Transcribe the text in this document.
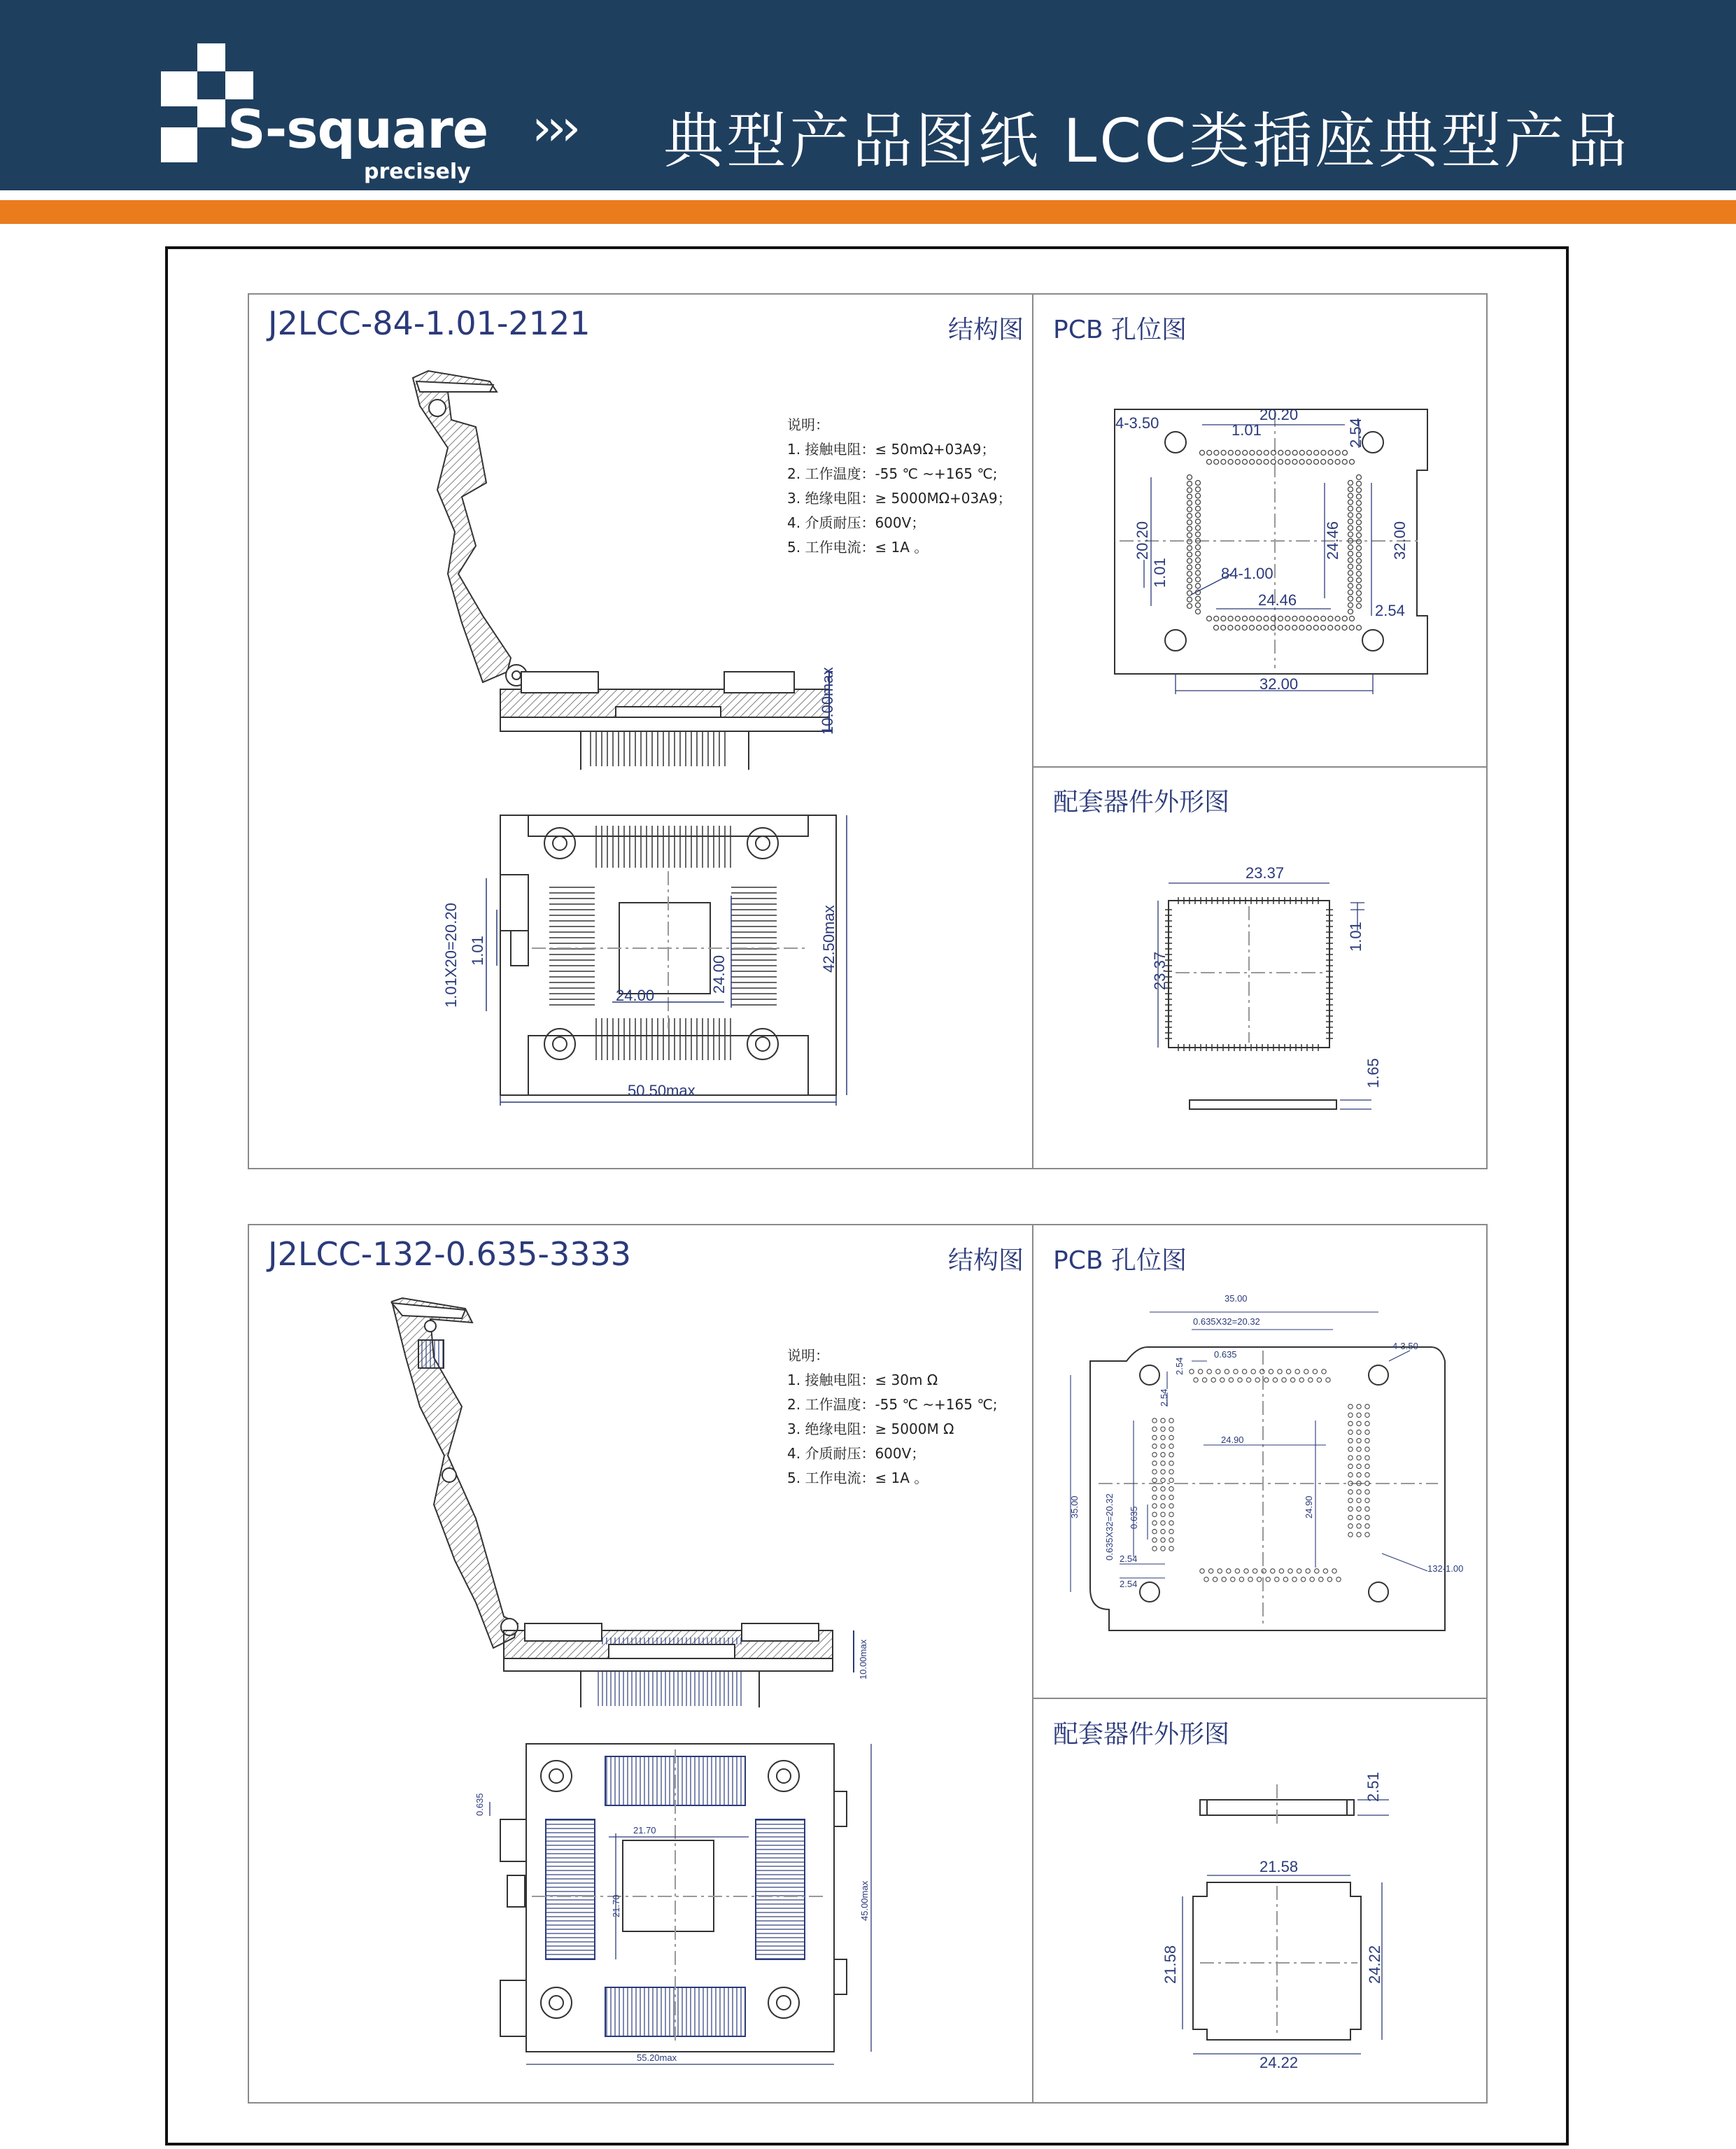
S-square
precisely
››› 典型产品图纸 LCC类插座典型产品
10.00max
1.01X20=20.20 1.01
24.00
24.00
42.50max
50.50max
4-3.50	20.20
1.01	2.54
20.20
1.01	84-1.00
24.46
24.46
32.00
2.54
32.00
23.37
23.37
1.01
1.65
10.00max
0.635
21.70
21.70	45.00max
55.20max
35.00
0.635X32=20.32
0.635
2.54
2.54
4-3.50
24.90
24.90
35.00	0.635X32=20.32 0.635
2.54
2.54
132-1.00
2.51
21.58
21.58	24.22
24.22
J2LCC-84-1.01-2121	结构图 PCB 孔位图
配套器件外形图
说明：
1. 接触电阻：≤ 50mΩ+03A9；
2. 工作温度：-55 ℃ ~+165 ℃;
3. 绝缘电阻：≥ 5000MΩ+03A9；
4. 介质耐压：600V；
5. 工作电流：≤ 1A 。
J2LCC-132-0.635-3333	结构图 PCB 孔位图
配套器件外形图
说明：
1. 接触电阻：≤ 30m Ω
2. 工作温度：-55 ℃ ~+165 ℃;
3. 绝缘电阻：≥ 5000M Ω
4. 介质耐压：600V；
5. 工作电流：≤ 1A 。
